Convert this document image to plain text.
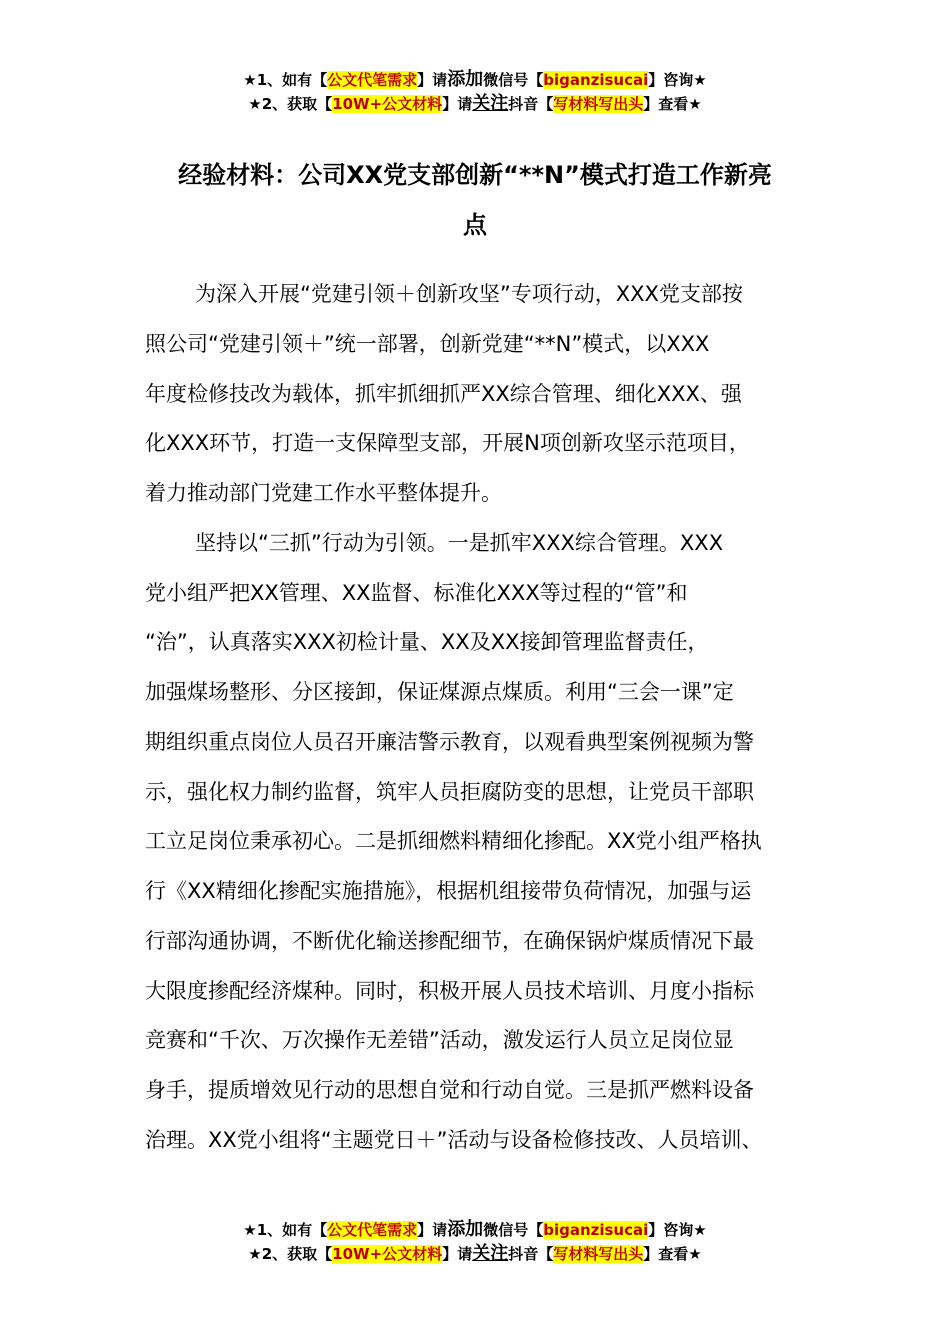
★1、如有【公文代笔需求】请添加微信号【biganzisucai】咨询★
★2、获取【10W+公文材料】请关注抖音【写材料写出头】查看★
经验材料：公司XX党支部创新“**N”模式打造工作新亮
点
为深入开展“党建引领＋创新攻坚”专项行动，XXX党支部按
照公司“党建引领＋”统一部署，创新党建“**N”模式，以XXX
年度检修技改为载体，抓牢抓细抓严XX综合管理、细化XXX、强
化XXX环节，打造一支保障型支部，开展N项创新攻坚示范项目，
着力推动部门党建工作水平整体提升。
坚持以“三抓”行动为引领。一是抓牢XXX综合管理。XXX
党小组严把XX管理、XX监督、标准化XXX等过程的“管”和
“治”，认真落实XXX初检计量、XX及XX接卸管理监督责任，
加强煤场整形、分区接卸，保证煤源点煤质。利用“三会一课”定
期组织重点岗位人员召开廉洁警示教育，以观看典型案例视频为警
示，强化权力制约监督，筑牢人员拒腐防变的思想，让党员干部职
工立足岗位秉承初心。二是抓细燃料精细化掺配。XX党小组严格执
行《XX精细化掺配实施措施》，根据机组接带负荷情况，加强与运
行部沟通协调，不断优化输送掺配细节，在确保锅炉煤质情况下最
大限度掺配经济煤种。同时，积极开展人员技术培训、月度小指标
竞赛和“千次、万次操作无差错”活动，激发运行人员立足岗位显
身手，提质增效见行动的思想自觉和行动自觉。三是抓严燃料设备
治理。XX党小组将“主题党日＋”活动与设备检修技改、人员培训、
★1、如有【公文代笔需求】请添加微信号【biganzisucai】咨询★
★2、获取【10W+公文材料】请关注抖音【写材料写出头】查看★
